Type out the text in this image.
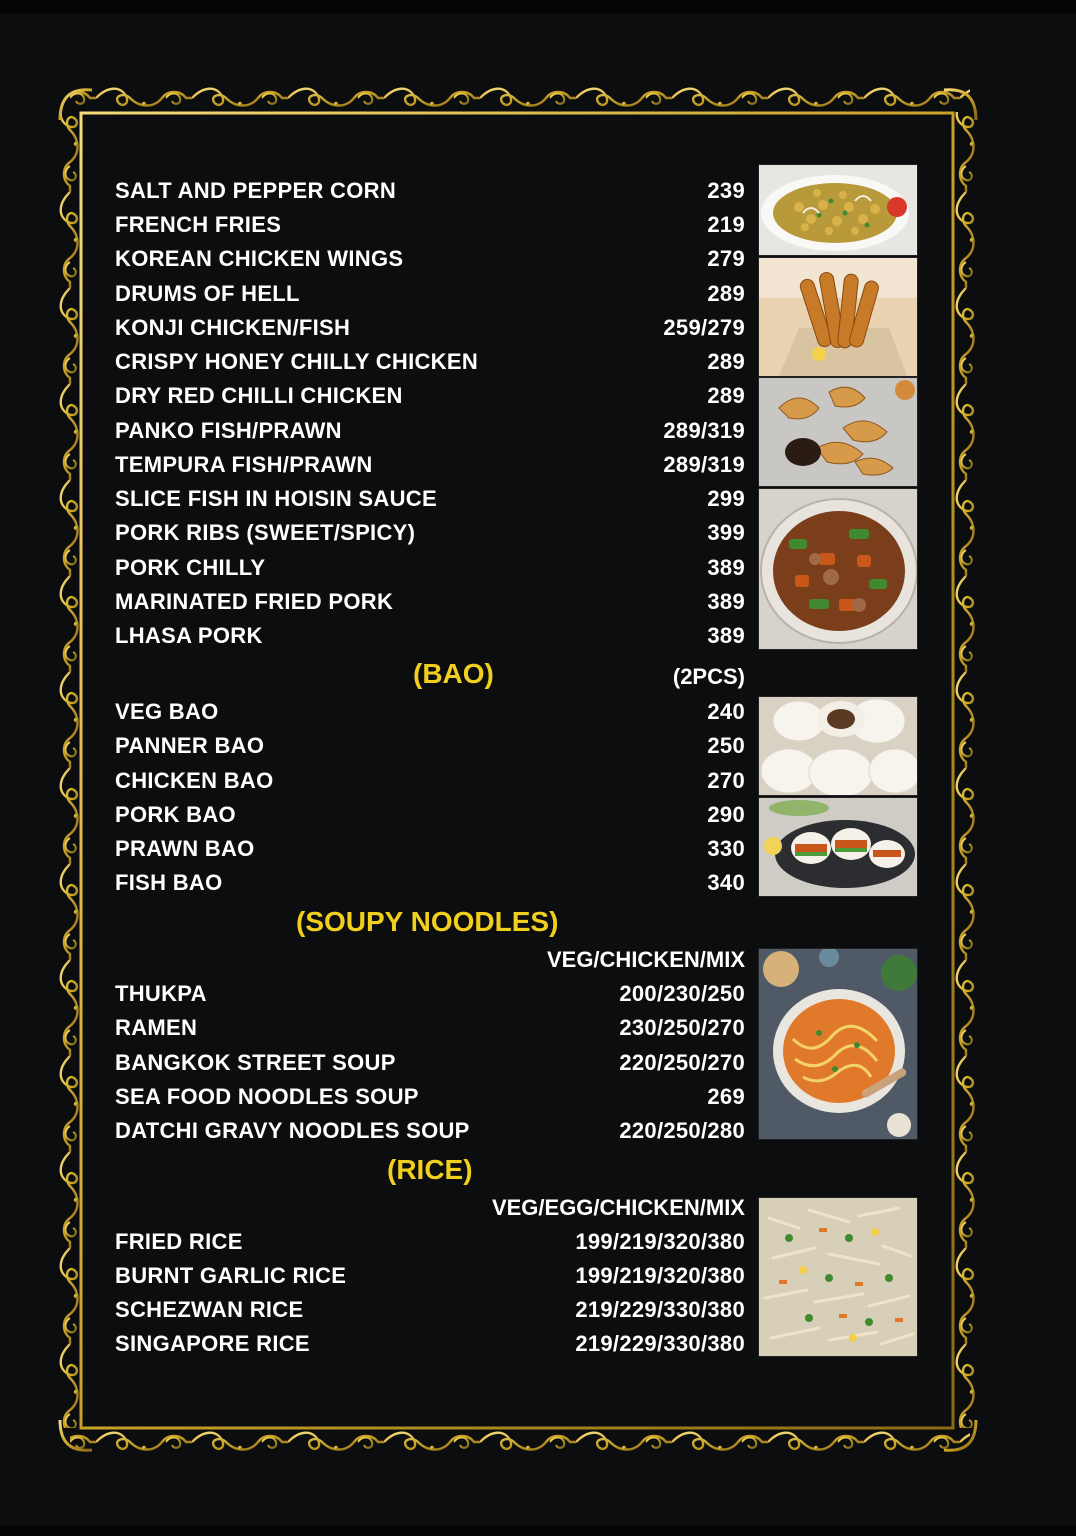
SALT AND PEPPER CORN	239
FRENCH FRIES	219
KOREAN CHICKEN WINGS	279
DRUMS OF HELL	289
KONJI CHICKEN/FISH	259/279
CRISPY HONEY CHILLY CHICKEN	289
DRY RED CHILLI CHICKEN	289
PANKO FISH/PRAWN	289/319
TEMPURA FISH/PRAWN	289/319
SLICE FISH IN HOISIN SAUCE	299
PORK RIBS (SWEET/SPICY)	399
PORK CHILLY	389
MARINATED FRIED PORK	389
LHASA PORK	389
(BAO)	(2PCS)
VEG BAO	240
PANNER BAO	250
CHICKEN BAO	270
PORK BAO	290
PRAWN BAO	330
FISH BAO	340
(SOUPY NOODLES)
VEG/CHICKEN/MIX
THUKPA	200/230/250
RAMEN	230/250/270
BANGKOK STREET SOUP	220/250/270
SEA FOOD NOODLES SOUP	269
DATCHI GRAVY NOODLES SOUP	220/250/280
(RICE)
VEG/EGG/CHICKEN/MIX
FRIED RICE	199/219/320/380
BURNT GARLIC RICE	199/219/320/380
SCHEZWAN RICE	219/229/330/380
SINGAPORE RICE	219/229/330/380
